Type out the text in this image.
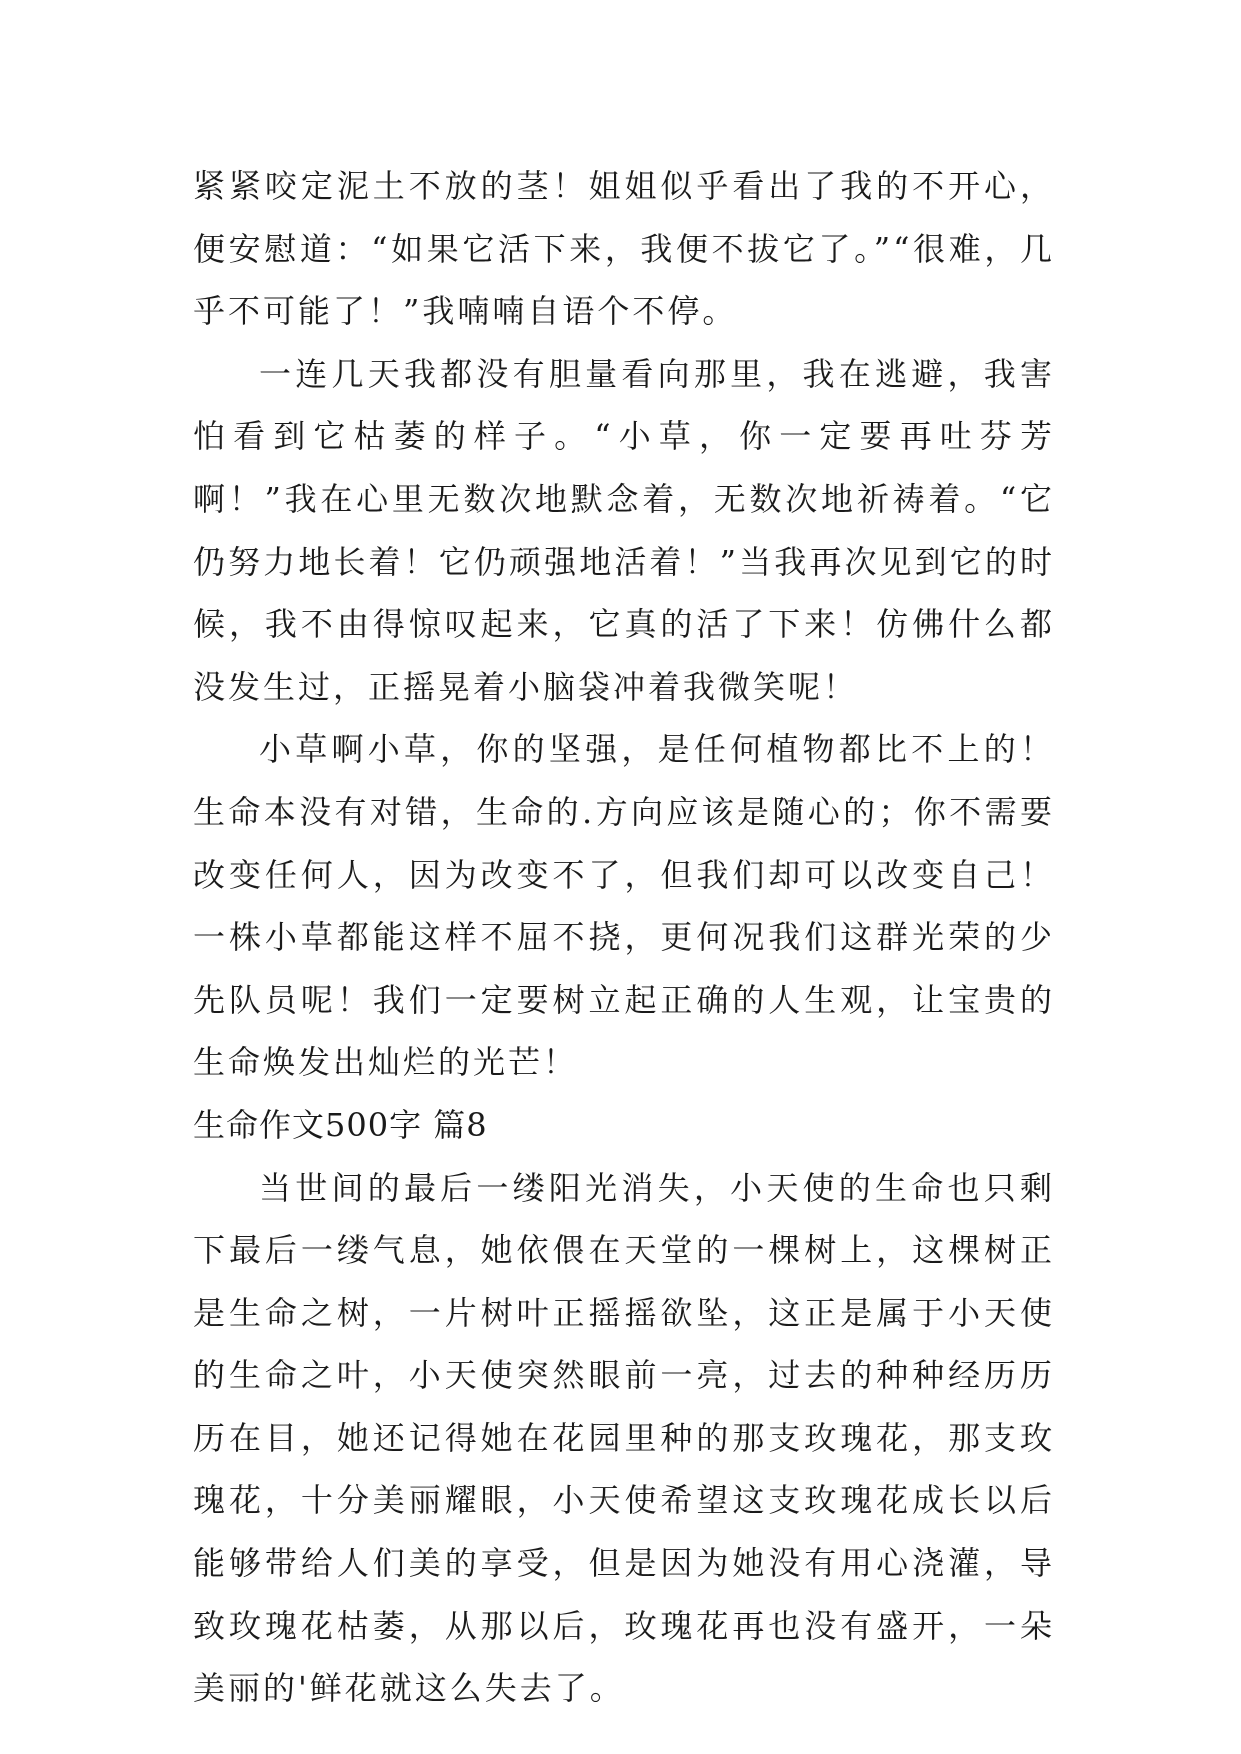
紧紧咬定泥土不放的茎！姐姐似乎看出了我的不开心，便安慰道：“如果它活下来，我便不拔它了。”“很难，几乎不可能了！”我喃喃自语个不停。

一连几天我都没有胆量看向那里，我在逃避，我害怕看到它枯萎的样子。“小草，你一定要再吐芬芳啊！”我在心里无数次地默念着，无数次地祈祷着。“它仍努力地长着！它仍顽强地活着！”当我再次见到它的时候，我不由得惊叹起来，它真的活了下来！仿佛什么都没发生过，正摇晃着小脑袋冲着我微笑呢！

小草啊小草，你的坚强，是任何植物都比不上的！生命本没有对错，生命的.方向应该是随心的；你不需要改变任何人，因为改变不了，但我们却可以改变自己！一株小草都能这样不屈不挠，更何况我们这群光荣的少先队员呢！我们一定要树立起正确的人生观，让宝贵的生命焕发出灿烂的光芒！

生命作文500字 篇8

当世间的最后一缕阳光消失，小天使的生命也只剩下最后一缕气息，她依偎在天堂的一棵树上，这棵树正是生命之树，一片树叶正摇摇欲坠，这正是属于小天使的生命之叶，小天使突然眼前一亮，过去的种种经历历历在目，她还记得她在花园里种的那支玫瑰花，那支玫瑰花，十分美丽耀眼，小天使希望这支玫瑰花成长以后能够带给人们美的享受，但是因为她没有用心浇灌，导致玫瑰花枯萎，从那以后，玫瑰花再也没有盛开，一朵美丽的'鲜花就这么失去了。
